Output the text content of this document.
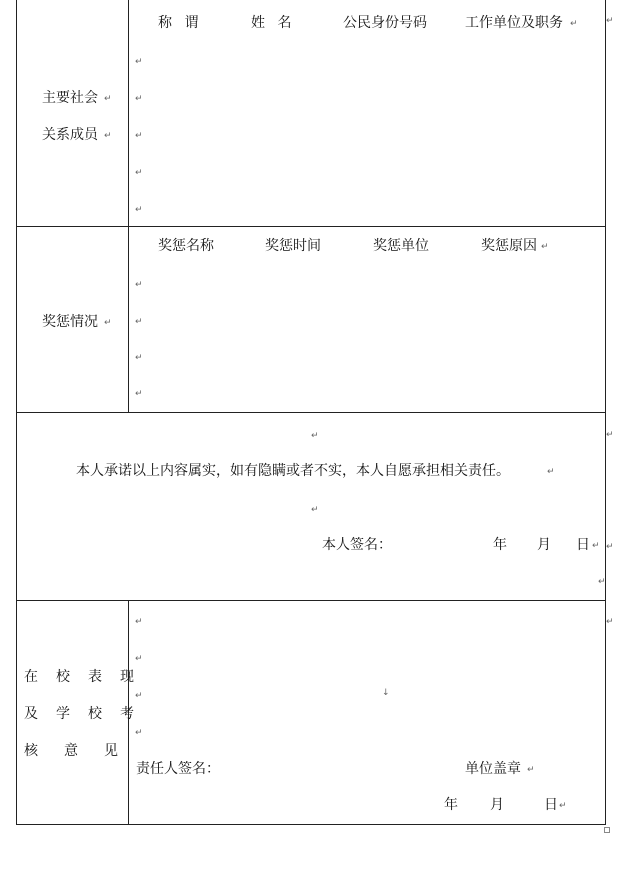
主要社会 ↵
关系成员 ↵
称 谓	姓 名	公民身份号码	工作单位及职务 ↵	↵
↵
↵
↵
↵
↵
奖惩情况 ↵
奖惩名称	奖惩时间	奖惩单位	奖惩原因 ↵
↵
↵
↵
↵
↵	↵
本人承诺以上内容属实，如有隐瞒或者不实，本人自愿承担相关责任。	↵
↵
本人签名：	年 月 日 ↵ ↵
↵
在校表现
及学校考
核意见
↵	↵
↵
↵
↵
↓
责任人签名：	单位盖章 ↵
年 月	日 ↵
